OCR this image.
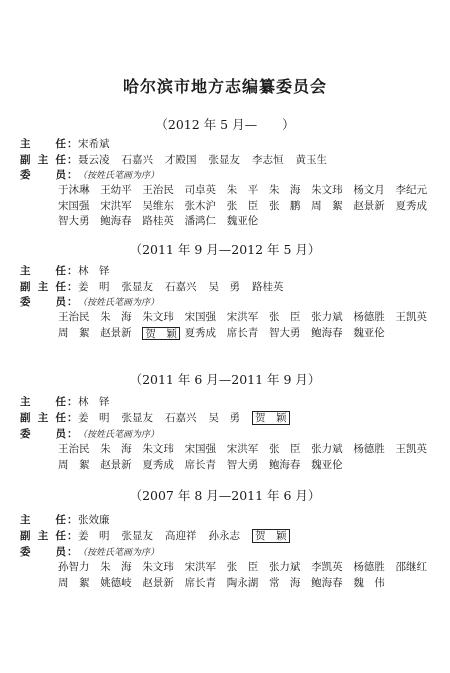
哈尔滨市地方志编纂委员会
（2012 年 5 月—　　）
主 任 ： 宋希斌
副 主 任 ： 聂云凌 石嘉兴 才殿国 张显友 李志恒 黄玉生
委 员 ： （按姓氏笔画为序）
于沐琳	王幼平	王治民	司卓英	朱　平	朱　海	朱文玮	杨文月	李纪元
宋国强	宋洪军	吴维东	张木沪	张　臣	张　鹏	周　絮	赵景新	夏秀成
智大勇	鲍海春	路桂英	潘鸿仁	魏亚伦
（2011 年 9 月—2012 年 5 月）
主 任 ： 林　铎
副 主 任 ： 姜　明 张显友 石嘉兴 吴　勇 路桂英
委 员 ： （按姓氏笔画为序）
王治民	朱　海	朱文玮	宋国强	宋洪军	张　臣	张力斌	杨德胜	王凯英
周　絮	赵景新	贺　颖 夏秀成	席长青	智大勇	鲍海春	魏亚伦
（2011 年 6 月—2011 年 9 月）
主 任 ： 林　铎
副 主 任 ： 姜　明 张显友 石嘉兴 吴　勇 贺　颖
委 员 ： （按姓氏笔画为序）
王治民	朱　海	朱文玮	宋国强	宋洪军	张　臣	张力斌	杨德胜	王凯英
周　絮	赵景新	夏秀成	席长青	智大勇	鲍海春	魏亚伦
（2007 年 8 月—2011 年 6 月）
主 任 ： 张效廉
副 主 任 ： 姜　明 张显友 高迎祥 孙永志 贺　颖
委 员 ： （按姓氏笔画为序）
孙智力	朱　海	朱文玮	宋洪军	张　臣	张力斌	李凯英	杨德胜	邵继红
周　絮	姚德岐	赵景新	席长青	陶永湖	常　海	鲍海春	魏　伟
